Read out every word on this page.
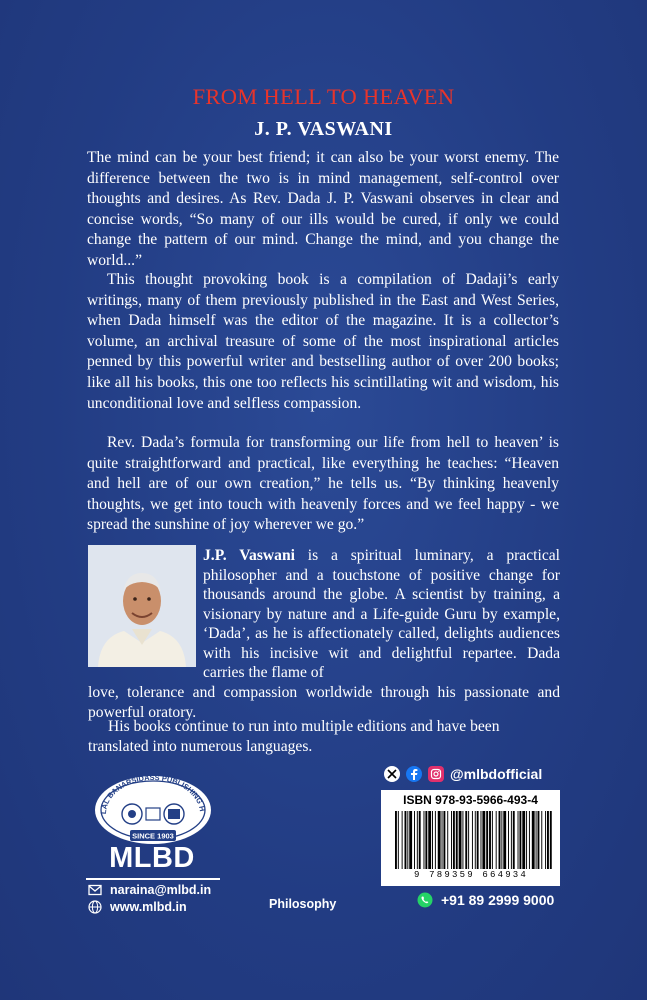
FROM HELL TO HEAVEN
J. P. VASWANI

The mind can be your best friend; it can also be your worst enemy. The difference between the two is in mind management, self-control over thoughts and desires. As Rev. Dada J. P. Vaswani observes in clear and concise words, “So many of our ills would be cured, if only we could change the pattern of our mind. Change the mind, and you change the world...”

This thought provoking book is a compilation of Dadaji’s early writings, many of them previously published in the East and West Series, when Dada himself was the editor of the magazine. It is a collector’s volume, an archival treasure of some of the most inspirational articles penned by this powerful writer and bestselling author of over 200 books; like all his books, this one too reflects his scintillating wit and wisdom, his unconditional love and selfless compassion.

Rev. Dada’s formula for transforming our life from hell to heaven’ is quite straightforward and practical, like everything he teaches: “Heaven and hell are of our own creation,” he tells us. “By thinking heavenly thoughts, we get into touch with heavenly forces and we feel happy - we spread the sunshine of joy wherever we go.”

J.P. Vaswani is a spiritual luminary, a practical philosopher and a touchstone of positive change for thousands around the globe. A scientist by training, a visionary by nature and a Life-guide Guru by example, ‘Dada’, as he is affectionately called, delights audiences with his incisive wit and delightful repartee. Dada carries the flame of

love, tolerance and compassion worldwide through his passionate and powerful oratory.

His books continue to run into multiple editions and have been translated into numerous languages.

LAL BANARSIDASS PUBLISHING H
SINCE 1903
MLBD
naraina@mlbd.in
www.mlbd.in	Philosophy
@mlbdofficial
ISBN 978-93-5966-493-4
9 789359 664934
+91 89 2999 9000
